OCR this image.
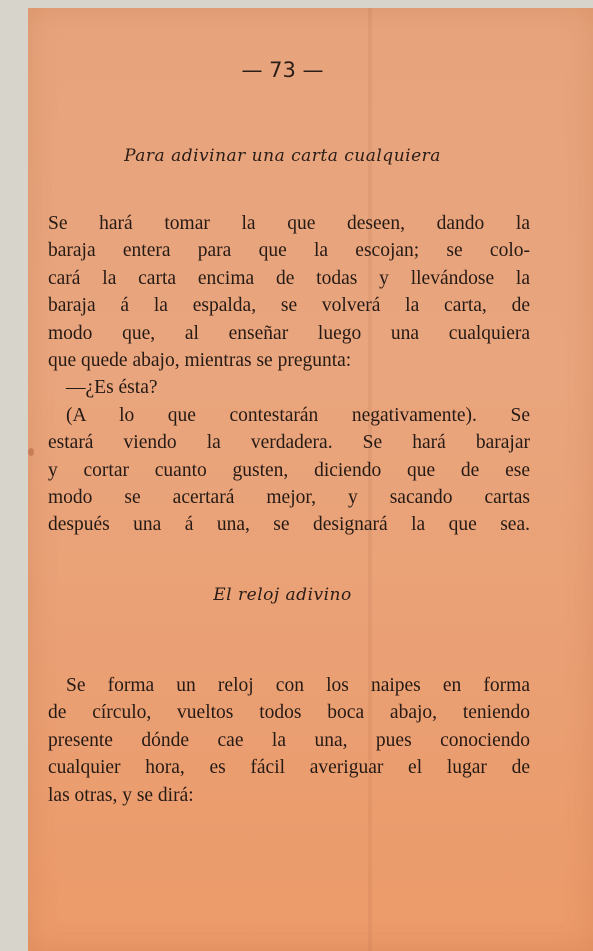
— 73 —
Para adivinar una carta cualquiera
Se hará tomar la que deseen, dando la
baraja entera para que la escojan; se colo-
cará la carta encima de todas y llevándose la
baraja á la espalda, se volverá la carta, de
modo que, al enseñar luego una cualquiera
que quede abajo, mientras se pregunta:
—¿Es ésta?
(A lo que contestarán negativamente). Se
estará viendo la verdadera. Se hará barajar
y cortar cuanto gusten, diciendo que de ese
modo se acertará mejor, y sacando cartas
después una á una, se designará la que sea.
El reloj adivino
Se forma un reloj con los naipes en forma
de círculo, vueltos todos boca abajo, teniendo
presente dónde cae la una, pues conociendo
cualquier hora, es fácil averiguar el lugar de
las otras, y se dirá:
